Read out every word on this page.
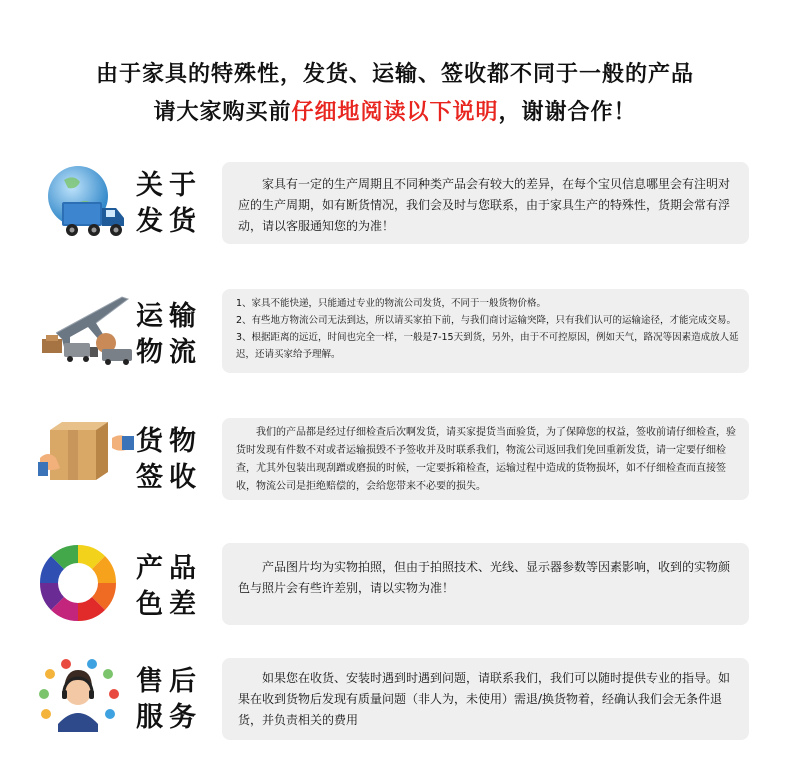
由于家具的特殊性，发货、运输、签收都不同于一般的产品
请大家购买前仔细地阅读以下说明，谢谢合作！
关于
发货

家具有一定的生产周期且不同种类产品会有较大的差异，在每个宝贝信息哪里会有注明对应的生产周期，如有断货情况，我们会及时与您联系，由于家具生产的特殊性，货期会常有浮动，请以客服通知您的为准！

运输
物流

1、家具不能快递，只能通过专业的物流公司发货，不同于一般货物价格。

2、有些地方物流公司无法到达，所以请买家拍下前，与我们商讨运输突降，只有我们认可的运输途径，才能完成交易。

3、根据距离的远近，时间也完全一样，一般是7-15天到货，另外，由于不可控原因，例如天气，路况等因素造成放人延迟，还请买家给予理解。

货物
签收

我们的产品都是经过仔细检查后次啊发货，请买家提货当面验货，为了保障您的权益，签收前请仔细检查，验货时发现有件数不对或者运输损毁不予签收并及时联系我们，物流公司返回我们免回重新发货，请一定要仔细检查，尤其外包装出现刮蹭或磨损的时候，一定要拆箱检查，运输过程中造成的货物损坏，如不仔细检查而直接签收，物流公司是拒绝赔偿的，会给您带来不必要的损失。

产品
色差

产品图片均为实物拍照，但由于拍照技术、光线、显示器参数等因素影响，收到的实物颜色与照片会有些许差别，请以实物为准！

售后
服务

如果您在收货、安装时遇到时遇到问题，请联系我们，我们可以随时提供专业的指导。如果在收到货物后发现有质量问题（非人为，未使用）需退/换货物着，经确认我们会无条件退货，并负责相关的费用
